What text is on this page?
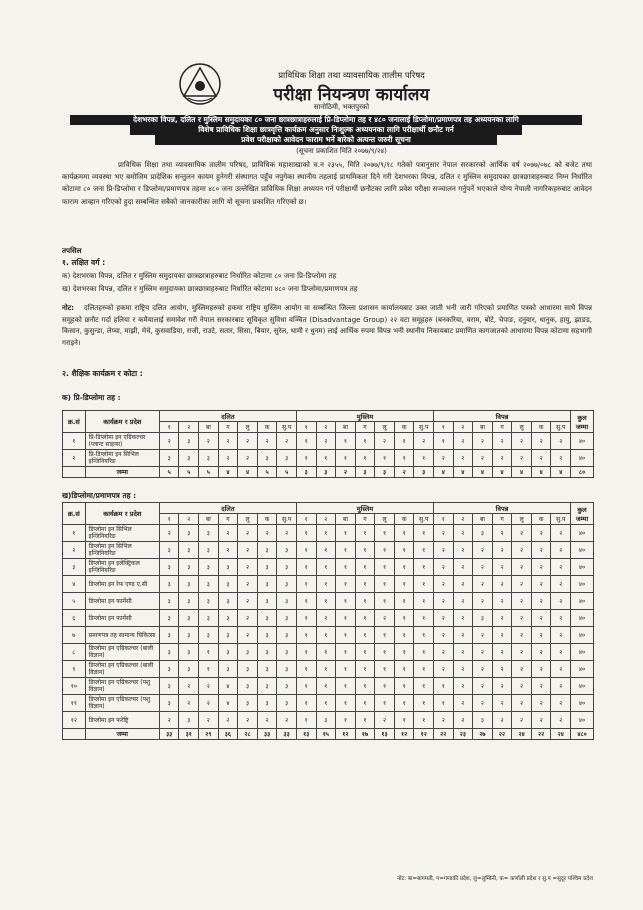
प्राविधिक शिक्षा तथा व्यावसायिक तालीम परिषद
परीक्षा नियन्त्रण कार्यालय
सानोठिमी, भक्तपुरको
देशभरका विपन्न, दलित र मुस्लिम समुदायका ८० जना छात्रछात्राहरुलाई प्रि-डिप्लोमा तह र ४८० जनालाई डिप्लोमा/प्रमाणपत्र तह अध्ययनका लागि
विशेष प्राविधिक शिक्षा छात्रवृत्ति कार्यक्रम अनुसार निःशुल्क अध्ययनका लागि परीक्षार्थी छनौट गर्न
प्रवेश परीक्षाको आवेदन फाराम भर्ने बारेको अत्यन्त जरुरी सूचना
(सूचना प्रकाशित मिति २०७७/९/२४)
प्राविधिक शिक्षा तथा व्यावसायिक तालीम परिषद, प्राविधिक महाशाखाको च.न २३५५, मिति २०७७/९/१८ गतेको पत्रानुसार नेपाल सरकारको आर्थिक वर्ष २०७७/०७८ को बजेट तथा कार्यक्रममा व्यवस्था भए बमोजिम प्रादेशिक सन्तुलन कायम हुनेगरी संस्थागत पहुँच नपुगेका स्थानीय तहलाई प्राथमिकता दिने गरी देशभरका विपन्न, दलित र मुस्लिम समुदायका छात्रछात्राहरुबाट निम्न निर्धारित कोटामा ८० जना प्रि-डिप्लोमा र डिप्लोमा/प्रमाणपत्र तहमा ४८० जना उल्लेखित प्राविधिक शिक्षा अध्ययन गर्न परीक्षार्थी छनौटका लागि प्रवेश परीक्षा सञ्चालन गर्नुपर्ने भएकाले योग्य नेपाली नागरिकहरुबाट आवेदन फाराम आव्हान गरिएको हुदा सम्बन्धित सबैको जानकारीका लागि यो सूचना प्रकाशित गरिएको छ।
तपसिल
१. लक्षित वर्ग :
क) देशभरका विपन्न, दलित र मुस्लिम समुदायका छात्रछात्राहरुबाट निर्धारित कोटामा ८० जना प्रि-डिप्लोमा तह
ख) देशभरका विपन्न, दलित र मुस्लिम समुदायका छात्रछात्राहरुबाट निर्धारित कोटामा ४८० जना डिप्लोमा/प्रमाणपत्र तह
नोट: दलितहरुको हकमा राष्ट्रिय दलित आयोग, मुस्लिमहरुको हकमा राष्ट्रिय मुस्लिम आयोग वा सम्बन्धित जिल्ला प्रशासन कार्यालयबाट उक्त जाती भनी जारी गरिएको प्रमाणित पत्रको आधारमा साथै विपन्न समूहको छनौट गर्दा हलिया र कमैयालाई समावेश गरी नेपाल सरकारबाट सूचिकृत सुविधा वञ्चित (Disadvantage Group) २२ वटा समूहहरु (बनकरिया, वराम, बोटे, चेपाङ, दनुवार, धानुक, हायु, झाङड, किसान, कुसुन्डा, लेप्चा, माझी, मेचे, कुसवाडिया, राजी, राउटे, सतार, सिसा, बियार, सुरेल, थामी र धुनम) लाई आर्थिक रुपमा विपन्न भनी स्थानीय निकायबाट प्रमाणित कागजातको आधारमा विपन्न कोटामा सहभागी गराइने।
२. शैक्षिक कार्यक्रम र कोटा :
क) प्रि-डिप्लोमा तह :
क्र.सं	कार्यक्रम र प्रदेश	दलित							मुस्लिम							विपन्न							कुल जम्मा
		१	२	बा	ग	लु	क	सु.प	१	२	बा	ग	लु	क	सु.प	१	२	बा	ग	लु	क	सु.प	
१	प्रि-डिप्लोमा इन एग्रिकल्चर (प्लान्ट साइन्स)	२	३	२	२	२	२	२	१	२	१	१	२	१	२	१	२	२	२	२	२	२	४०
२	प्रि-डिप्लोमा इन सिभिल इन्जिनियरिङ	३	३	३	२	२	३	३	१	१	१	१	१	१	१	२	२	२	२	२	२	२	४०
	जम्मा	५	५	५	४	४	५	५	३	३	२	३	३	२	३	४	४	४	४	४	४	४	८०
ख)डिप्लोमा/प्रमाणपत्र तह :
क्र.सं	कार्यक्रम र प्रदेश	दलित							मुस्लिम							विपन्न							कुल जम्मा
		१	२	बा	ग	लु	क	सु.प	१	२	बा	ग	लु	क	सु.प	१	२	बा	ग	लु	क	सु.प	
१	डिप्लोमा इन सिभिल इन्जिनियरिङ	२	३	३	२	२	२	२	१	१	१	१	१	१	१	२	२	३	२	२	२	२	४०
२	डिप्लोमा इन सिभिल इन्जिनियरिङ	३	३	३	२	२	३	३	१	१	१	१	१	१	१	२	२	२	२	२	२	२	४०
३	डिप्लोमा इन इलेक्ट्रिकल इन्जिनियरिङ	३	३	३	३	२	३	३	१	१	१	१	१	१	१	२	२	२	२	२	२	२	४०
४	डिप्लोमा इन रेफ एण्ड ए.सी	३	३	३	३	२	३	३	१	१	१	१	१	१	१	२	२	२	२	२	२	२	४०
५	डिप्लोमा इन फार्मेसी	३	३	३	३	२	३	३	१	१	१	१	१	१	१	२	२	२	२	२	२	२	४०
६	डिप्लोमा इन फार्मेसी	३	३	३	३	२	३	३	१	२	१	१	२	१	१	२	२	३	२	२	२	२	४०
७	प्रमाणपत्र तह सामान्य चिकित्सा	३	३	३	३	२	३	३	१	१	१	१	१	१	१	२	२	२	२	२	२	२	४०
८	डिप्लोमा इन एग्रिकल्चर (बाली विज्ञान)	३	३	१	३	३	३	३	१	१	१	१	१	१	१	२	२	२	२	२	२	२	४०
९	डिप्लोमा इन एग्रिकल्चर (बाली विज्ञान)	३	३	१	३	३	३	३	१	१	१	१	१	१	१	२	२	२	२	२	२	२	४०
१०	डिप्लोमा इन एग्रिकल्चर (पशु विज्ञान)	३	२	२	४	३	३	३	१	१	१	१	१	१	१	१	२	२	२	२	२	२	४०
११	डिप्लोमा इन एग्रिकल्चर (पशु विज्ञान)	३	२	२	४	३	३	३	१	१	१	१	१	१	१	१	२	२	२	२	२	२	४०
१२	डिप्लोमा इन फरेष्ट्रि	२	३	२	२	२	२	२	१	३	१	१	२	१	१	२	२	३	२	२	२	२	४०
	जम्मा	३३	३१	२९	३६	२८	३३	३३	१३	१५	१२	१७	१३	१२	१२	२२	२३	२७	२२	२४	२२	२४	४८०
नोट: बा=बागमती, ग=गण्डकी प्रदेश, लु=लुम्बिनी, क= कर्णाली प्रदेश र सु.प =सुदूर पश्चिम प्रदेश
